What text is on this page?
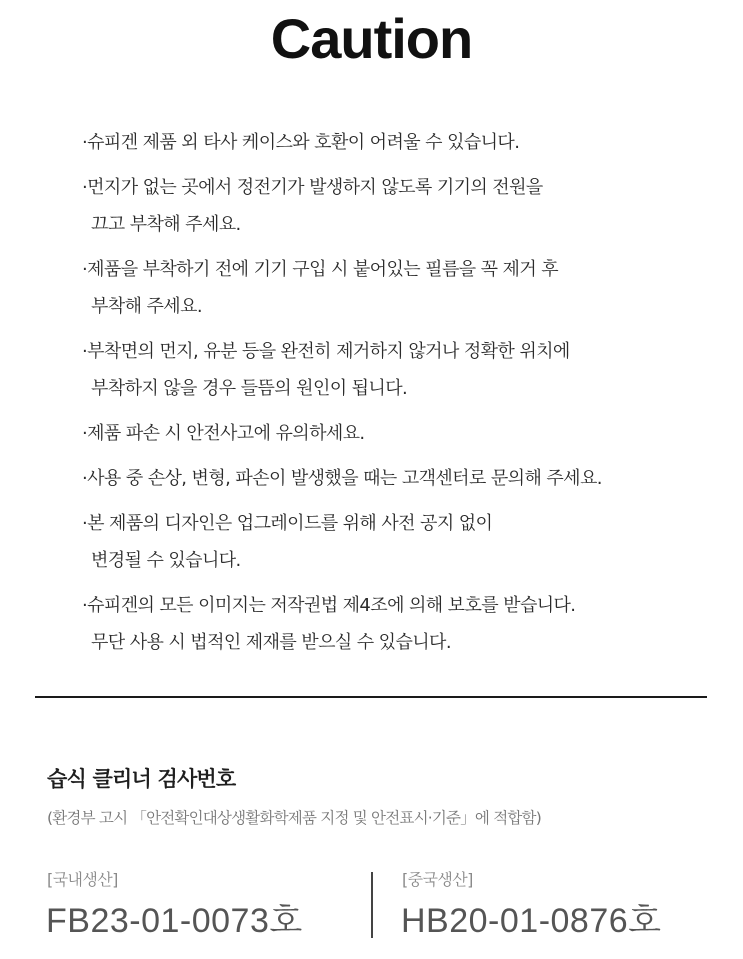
Caution
·슈피겐 제품 외 타사 케이스와 호환이 어려울 수 있습니다.
·먼지가 없는 곳에서 정전기가 발생하지 않도록 기기의 전원을
끄고 부착해 주세요.
·제품을 부착하기 전에 기기 구입 시 붙어있는 필름을 꼭 제거 후
부착해 주세요.
·부착면의 먼지, 유분 등을 완전히 제거하지 않거나 정확한 위치에
부착하지 않을 경우 들뜸의 원인이 됩니다.
·제품 파손 시 안전사고에 유의하세요.
·사용 중 손상, 변형, 파손이 발생했을 때는 고객센터로 문의해 주세요.
·본 제품의 디자인은 업그레이드를 위해 사전 공지 없이
변경될 수 있습니다.
·슈피겐의 모든 이미지는 저작권법 제4조에 의해 보호를 받습니다.
무단 사용 시 법적인 제재를 받으실 수 있습니다.
습식 클리너 검사번호
(환경부 고시 「안전확인대상생활화학제품 지정 및 안전표시·기준」에 적합함)
[국내생산]
FB23-01-0073호
[중국생산]
HB20-01-0876호
